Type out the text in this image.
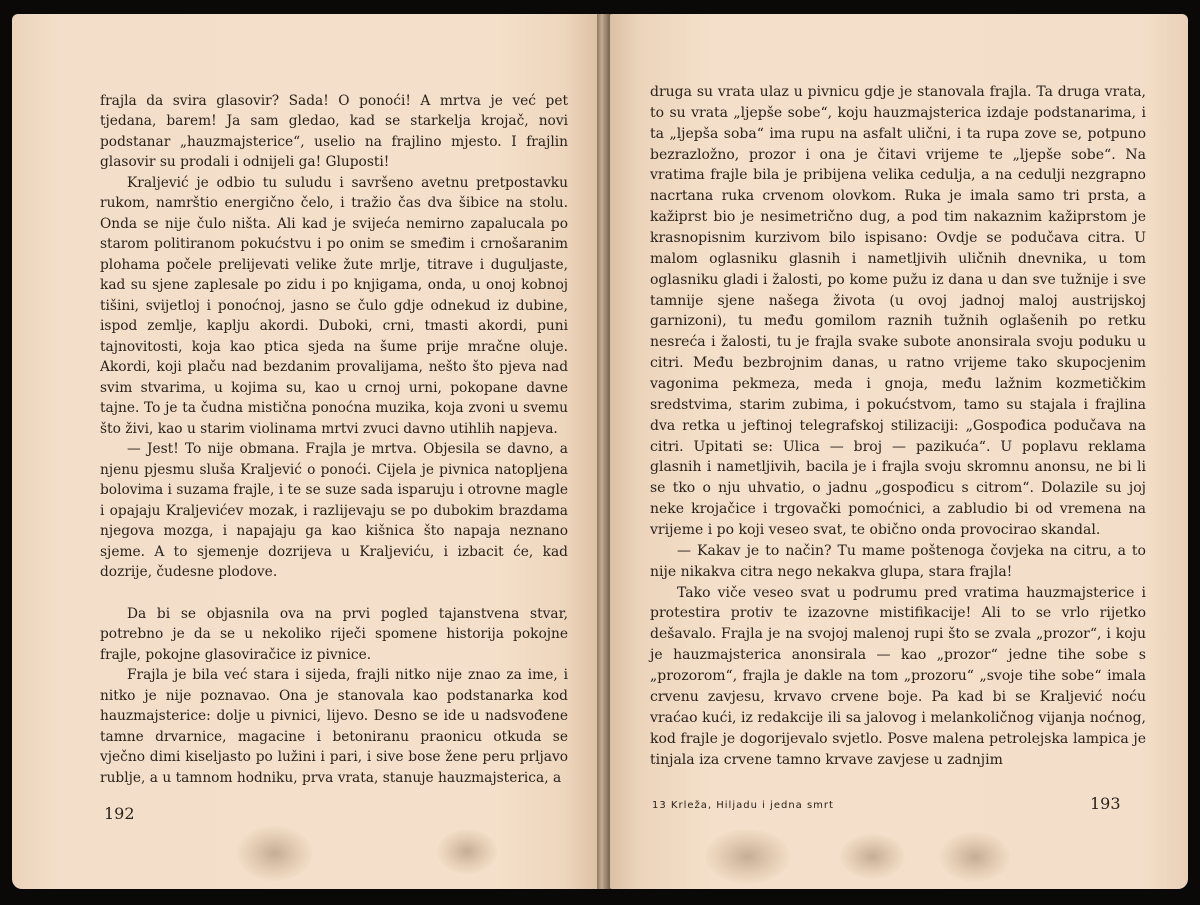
frajla da svira glasovir? Sada! O ponoći! A mrtva je već pet tjedana, barem! Ja sam gledao, kad se starkelja krojač, novi podstanar „hauzmajsterice“, uselio na frajlino mjesto. I frajlin glasovir su prodali i odnijeli ga! Gluposti!

Kraljević je odbio tu suludu i savršeno avetnu pretpostavku rukom, namrštio energično čelo, i tražio čas dva šibice na stolu. Onda se nije čulo ništa. Ali kad je svijeća nemirno zapalucala po starom politiranom pokućstvu i po onim se smeđim i crnošaranim plohama počele prelijevati velike žute mrlje, titrave i duguljaste, kad su sjene zaplesale po zidu i po knjigama, onda, u onoj kobnoj tišini, svijetloj i ponoćnoj, jasno se čulo gdje odnekud iz dubine, ispod zemlje, kaplju akordi. Duboki, crni, tmasti akordi, puni tajnovitosti, koja kao ptica sjeda na šume prije mračne oluje. Akordi, koji plaču nad bezdanim provalijama, nešto što pjeva nad svim stvarima, u kojima su, kao u crnoj urni, pokopane davne tajne. To je ta čudna mistična ponoćna muzika, koja zvoni u svemu što živi, kao u starim violinama mrtvi zvuci davno utihlih napjeva.

— Jest! To nije obmana. Frajla je mrtva. Objesila se davno, a njenu pjesmu sluša Kraljević o ponoći. Cijela je pivnica natopljena bolovima i suzama frajle, i te se suze sada isparuju i otrovne magle i opajaju Kraljevićev mozak, i razlijevaju se po dubokim brazdama njegova mozga, i napajaju ga kao kišnica što napaja neznano sjeme. A to sjemenje dozrijeva u Kraljeviću, i izbacit će, kad dozrije, čudesne plodove.

Da bi se objasnila ova na prvi pogled tajanstvena stvar, potrebno je da se u nekoliko riječi spomene historija pokojne frajle, pokojne glasoviračice iz pivnice.

Frajla je bila već stara i sijeda, frajli nitko nije znao za ime, i nitko je nije poznavao. Ona je stanovala kao podstanarka kod hauzmajsterice: dolje u pivnici, lijevo. Desno se ide u nadsvođene tamne drvarnice, magacine i betoniranu praonicu otkuda se vječno dimi kiseljasto po lužini i pari, i sive bose žene peru prljavo rublje, a u tamnom hodniku, prva vrata, stanuje hauzmajsterica, a

192

druga su vrata ulaz u pivnicu gdje je stanovala frajla. Ta druga vrata, to su vrata „ljepše sobe“, koju hauzmajsterica izdaje podstanarima, i ta „ljepša soba“ ima rupu na asfalt ulični, i ta rupa zove se, potpuno bezrazložno, prozor i ona je čitavi vrijeme te „ljepše sobe“. Na vratima frajle bila je pribijena velika cedulja, a na cedulji nezgrapno nacrtana ruka crvenom olovkom. Ruka je imala samo tri prsta, a kažiprst bio je nesimetrično dug, a pod tim nakaznim kažiprstom je krasnopisnim kurzivom bilo ispisano: Ovdje se podučava citra. U malom oglasniku glasnih i nametljivih uličnih dnevnika, u tom oglasniku gladi i žalosti, po kome pužu iz dana u dan sve tužnije i sve tamnije sjene našega života (u ovoj jadnoj maloj austrijskoj garnizoni), tu među gomilom raznih tužnih oglašenih po retku nesreća i žalosti, tu je frajla svake subote anonsirala svoju poduku u citri. Među bezbrojnim danas, u ratno vrijeme tako skupocjenim vagonima pekmeza, meda i gnoja, među lažnim kozmetičkim sredstvima, starim zubima, i pokućstvom, tamo su stajala i frajlina dva retka u jeftinoj telegrafskoj stilizaciji: „Gospođica podučava na citri. Upitati se: Ulica — broj — pazikuća“. U poplavu reklama glasnih i nametljivih, bacila je i frajla svoju skromnu anonsu, ne bi li se tko o nju uhvatio, o jadnu „gospođicu s citrom“. Dolazile su joj neke krojačice i trgovački pomoćnici, a zabludio bi od vremena na vrijeme i po koji veseo svat, te obično onda provocirao skandal.

— Kakav je to način? Tu mame poštenoga čovjeka na citru, a to nije nikakva citra nego nekakva glupa, stara frajla!

Tako viče veseo svat u podrumu pred vratima hauzmajsterice i protestira protiv te izazovne mistifikacije! Ali to se vrlo rijetko dešavalo. Frajla je na svojoj malenoj rupi što se zvala „prozor“, i koju je hauzmajsterica anonsirala — kao „prozor“ jedne tihe sobe s „prozorom“, frajla je dakle na tom „prozoru“ „svoje tihe sobe“ imala crvenu zavjesu, krvavo crvene boje. Pa kad bi se Kraljević noću vraćao kući, iz redakcije ili sa jalovog i melankoličnog vijanja noćnog, kod frajle je dogorijevalo svjetlo. Posve malena petrolejska lampica je tinjala iza crvene tamno krvave zavjese u zadnjim

13 Krleža, Hiljadu i jedna smrt	193
